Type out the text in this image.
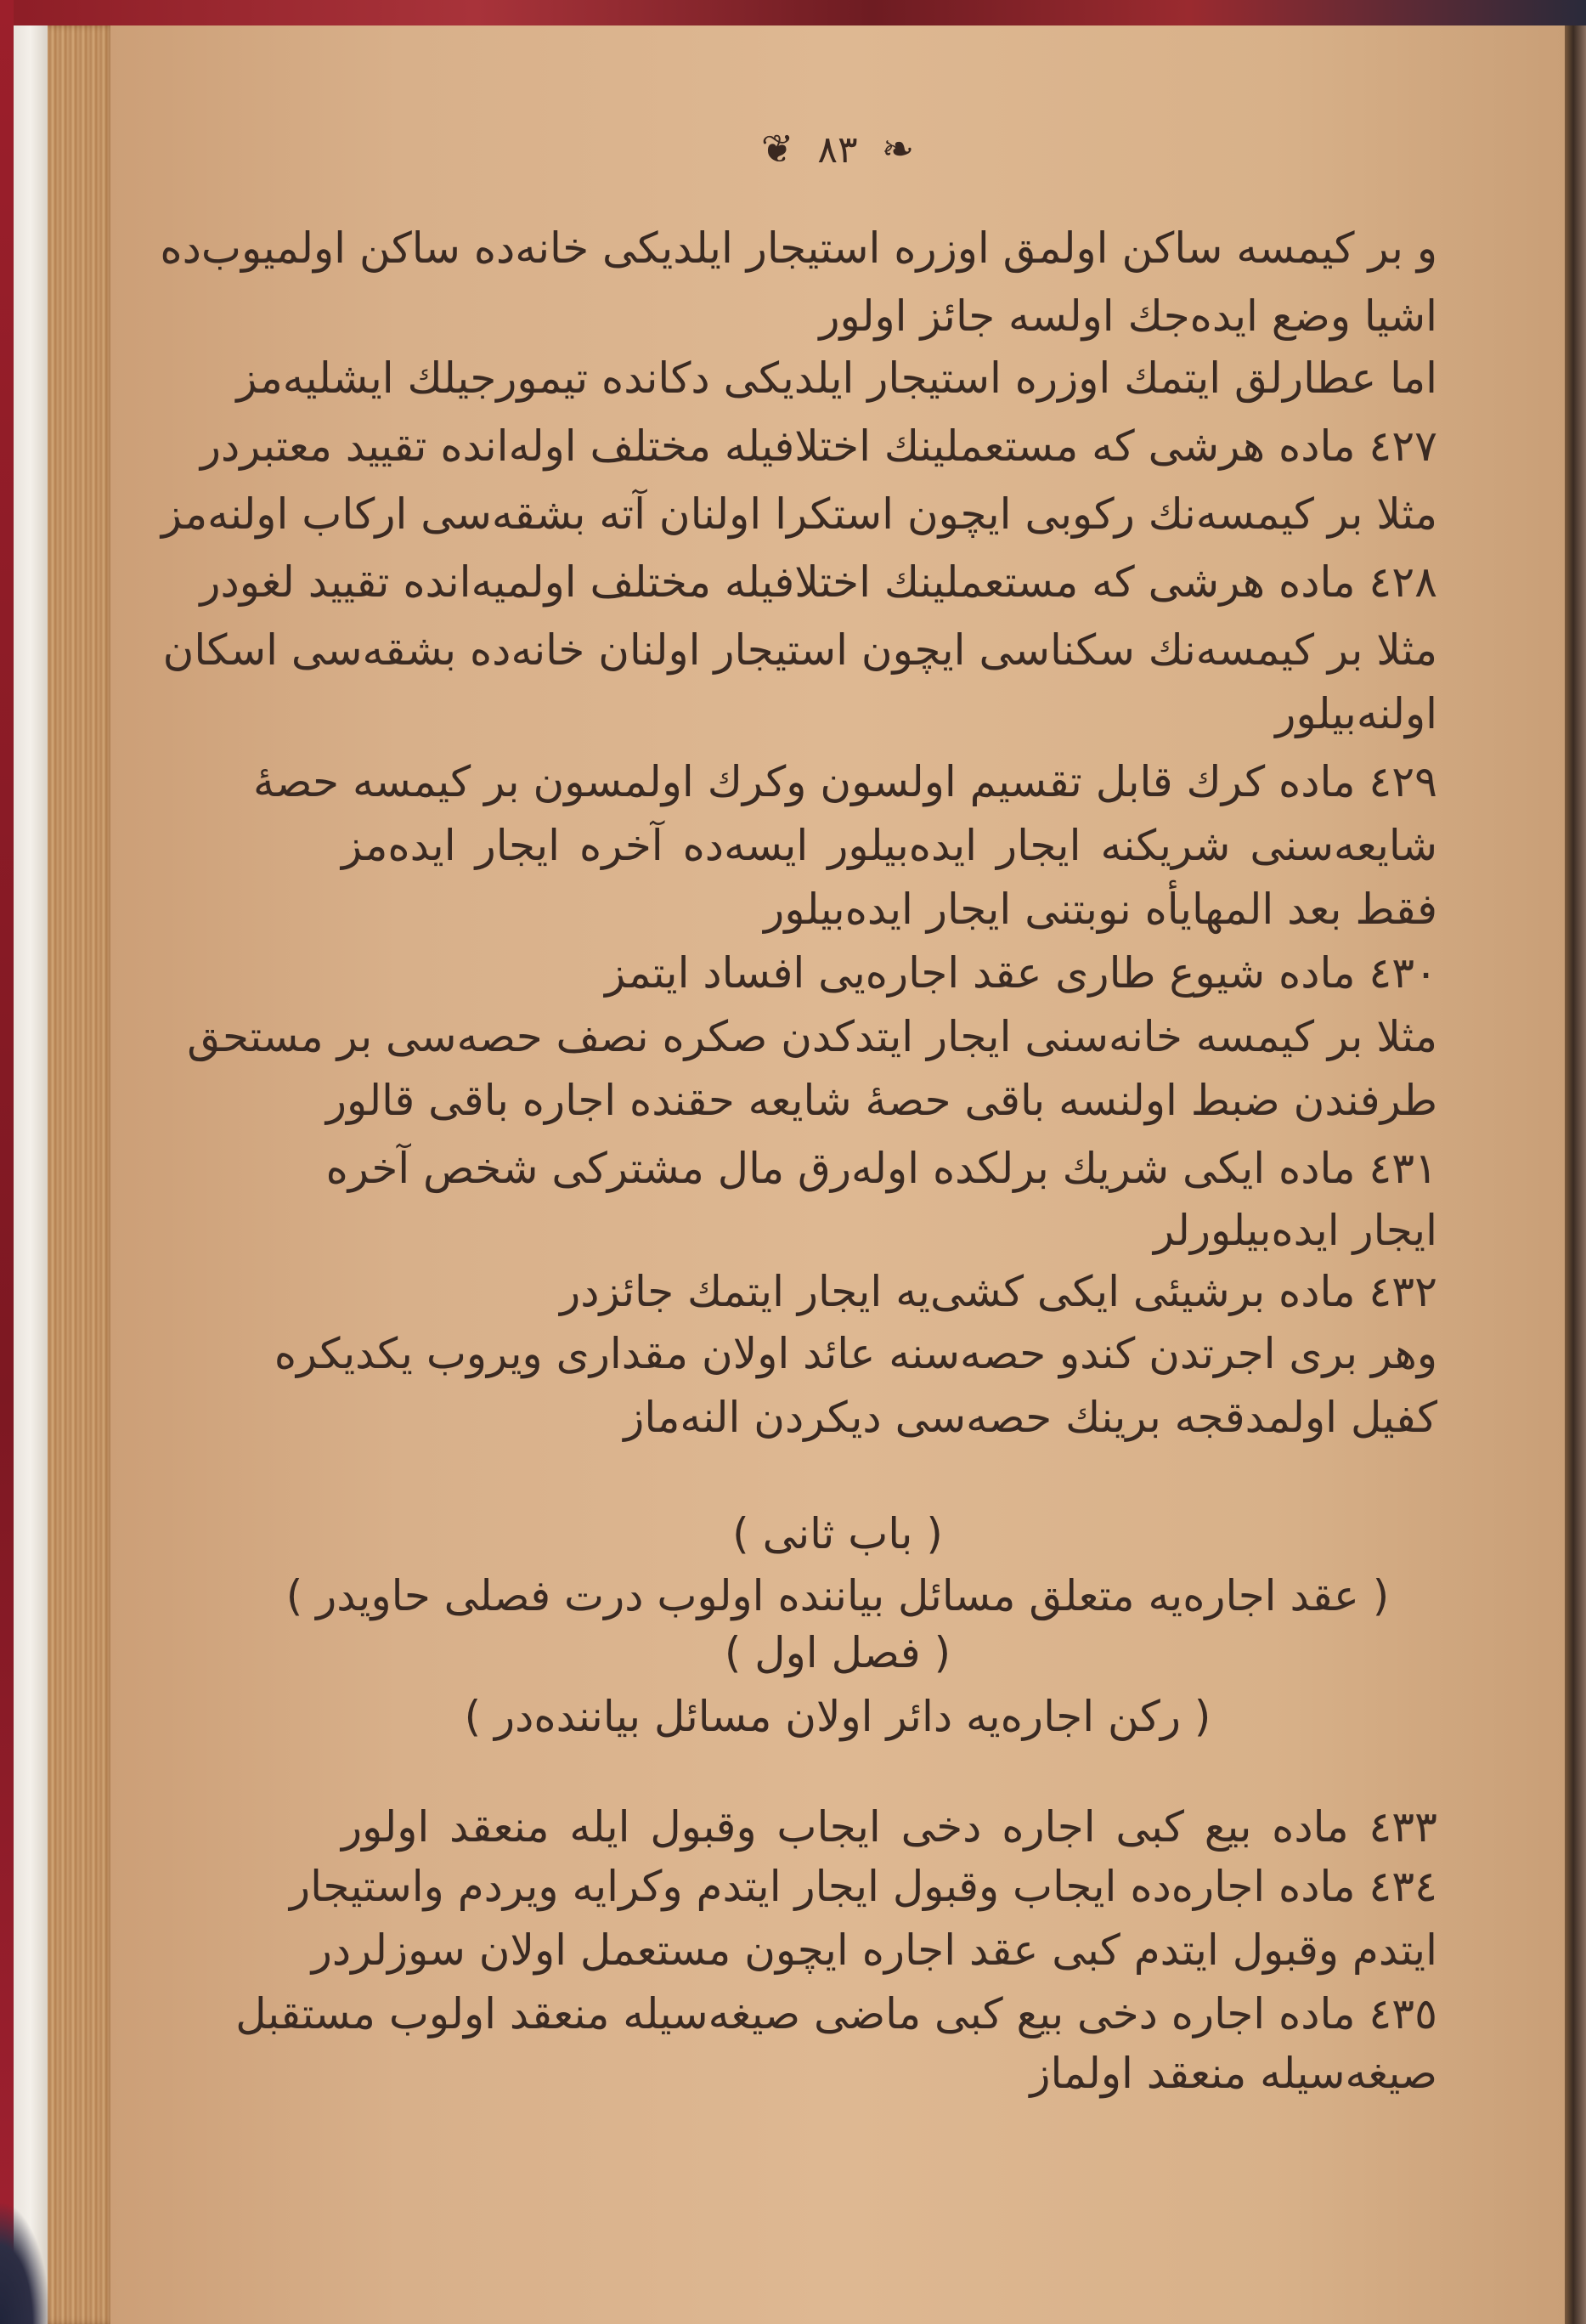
❧ ٨٣ ❦
و بر كيمسه ساكن اولمق اوزره استيجار ايلديكى خانه‌ده ساكن اولميوب‌ده
اشيا وضع ايده‌جك اولسه جائز اولور
اما عطارلق ايتمك اوزره استيجار ايلديكى دكانده تيمورجيلك ايشليه‌مز
٤٢٧ ماده هرشى كه مستعملينك اختلافيله مختلف اوله‌انده تقييد معتبردر
مثلا بر كيمسه‌نك ركوبى ايچون استكرا اولنان آته بشقه‌سى اركاب اولنه‌مز
٤٢٨ ماده هرشى كه مستعملينك اختلافيله مختلف اولميه‌انده تقييد لغودر
مثلا بر كيمسه‌نك سكناسى ايچون استيجار اولنان خانه‌ده بشقه‌سى اسكان
اولنه‌بيلور
٤٢٩ ماده كرك قابل تقسيم اولسون وكرك اولمسون بر كيمسه حصهٔ
شايعه‌سنى شريكنه ايجار ايده‌بيلور ايسه‌ده آخره ايجار ايده‌مز
فقط بعد المهايأه نوبتنى ايجار ايده‌بيلور
٤٣٠ ماده شيوع طارى عقد اجاره‌يى افساد ايتمز
مثلا بر كيمسه خانه‌سنى ايجار ايتدكدن صكره نصف حصه‌سى بر مستحق
طرفندن ضبط اولنسه باقى حصهٔ شايعه حقنده اجاره باقى قالور
٤٣١ ماده ايكى شريك برلكده اوله‌رق مال مشتركى شخص آخره
ايجار ايده‌بيلورلر
٤٣٢ ماده برشيئى ايكى كشى‌يه ايجار ايتمك جائزدر
وهر برى اجرتدن كندو حصه‌سنه عائد اولان مقدارى ويروب يكديكره
كفيل اولمدقجه برينك حصه‌سى ديكردن النه‌ماز
( باب ثانى )
( عقد اجاره‌يه متعلق مسائل بياننده اولوب درت فصلى حاويدر )
( فصل اول )
( ركن اجاره‌يه دائر اولان مسائل بياننده‌در )
٤٣٣ ماده بيع كبى اجاره دخى ايجاب وقبول ايله منعقد اولور
٤٣٤ ماده اجاره‌ده ايجاب وقبول ايجار ايتدم وكرايه ويردم واستيجار
ايتدم وقبول ايتدم كبى عقد اجاره ايچون مستعمل اولان سوزلردر
٤٣٥ ماده اجاره دخى بيع كبى ماضى صيغه‌سيله منعقد اولوب مستقبل
صيغه‌سيله منعقد اولماز
